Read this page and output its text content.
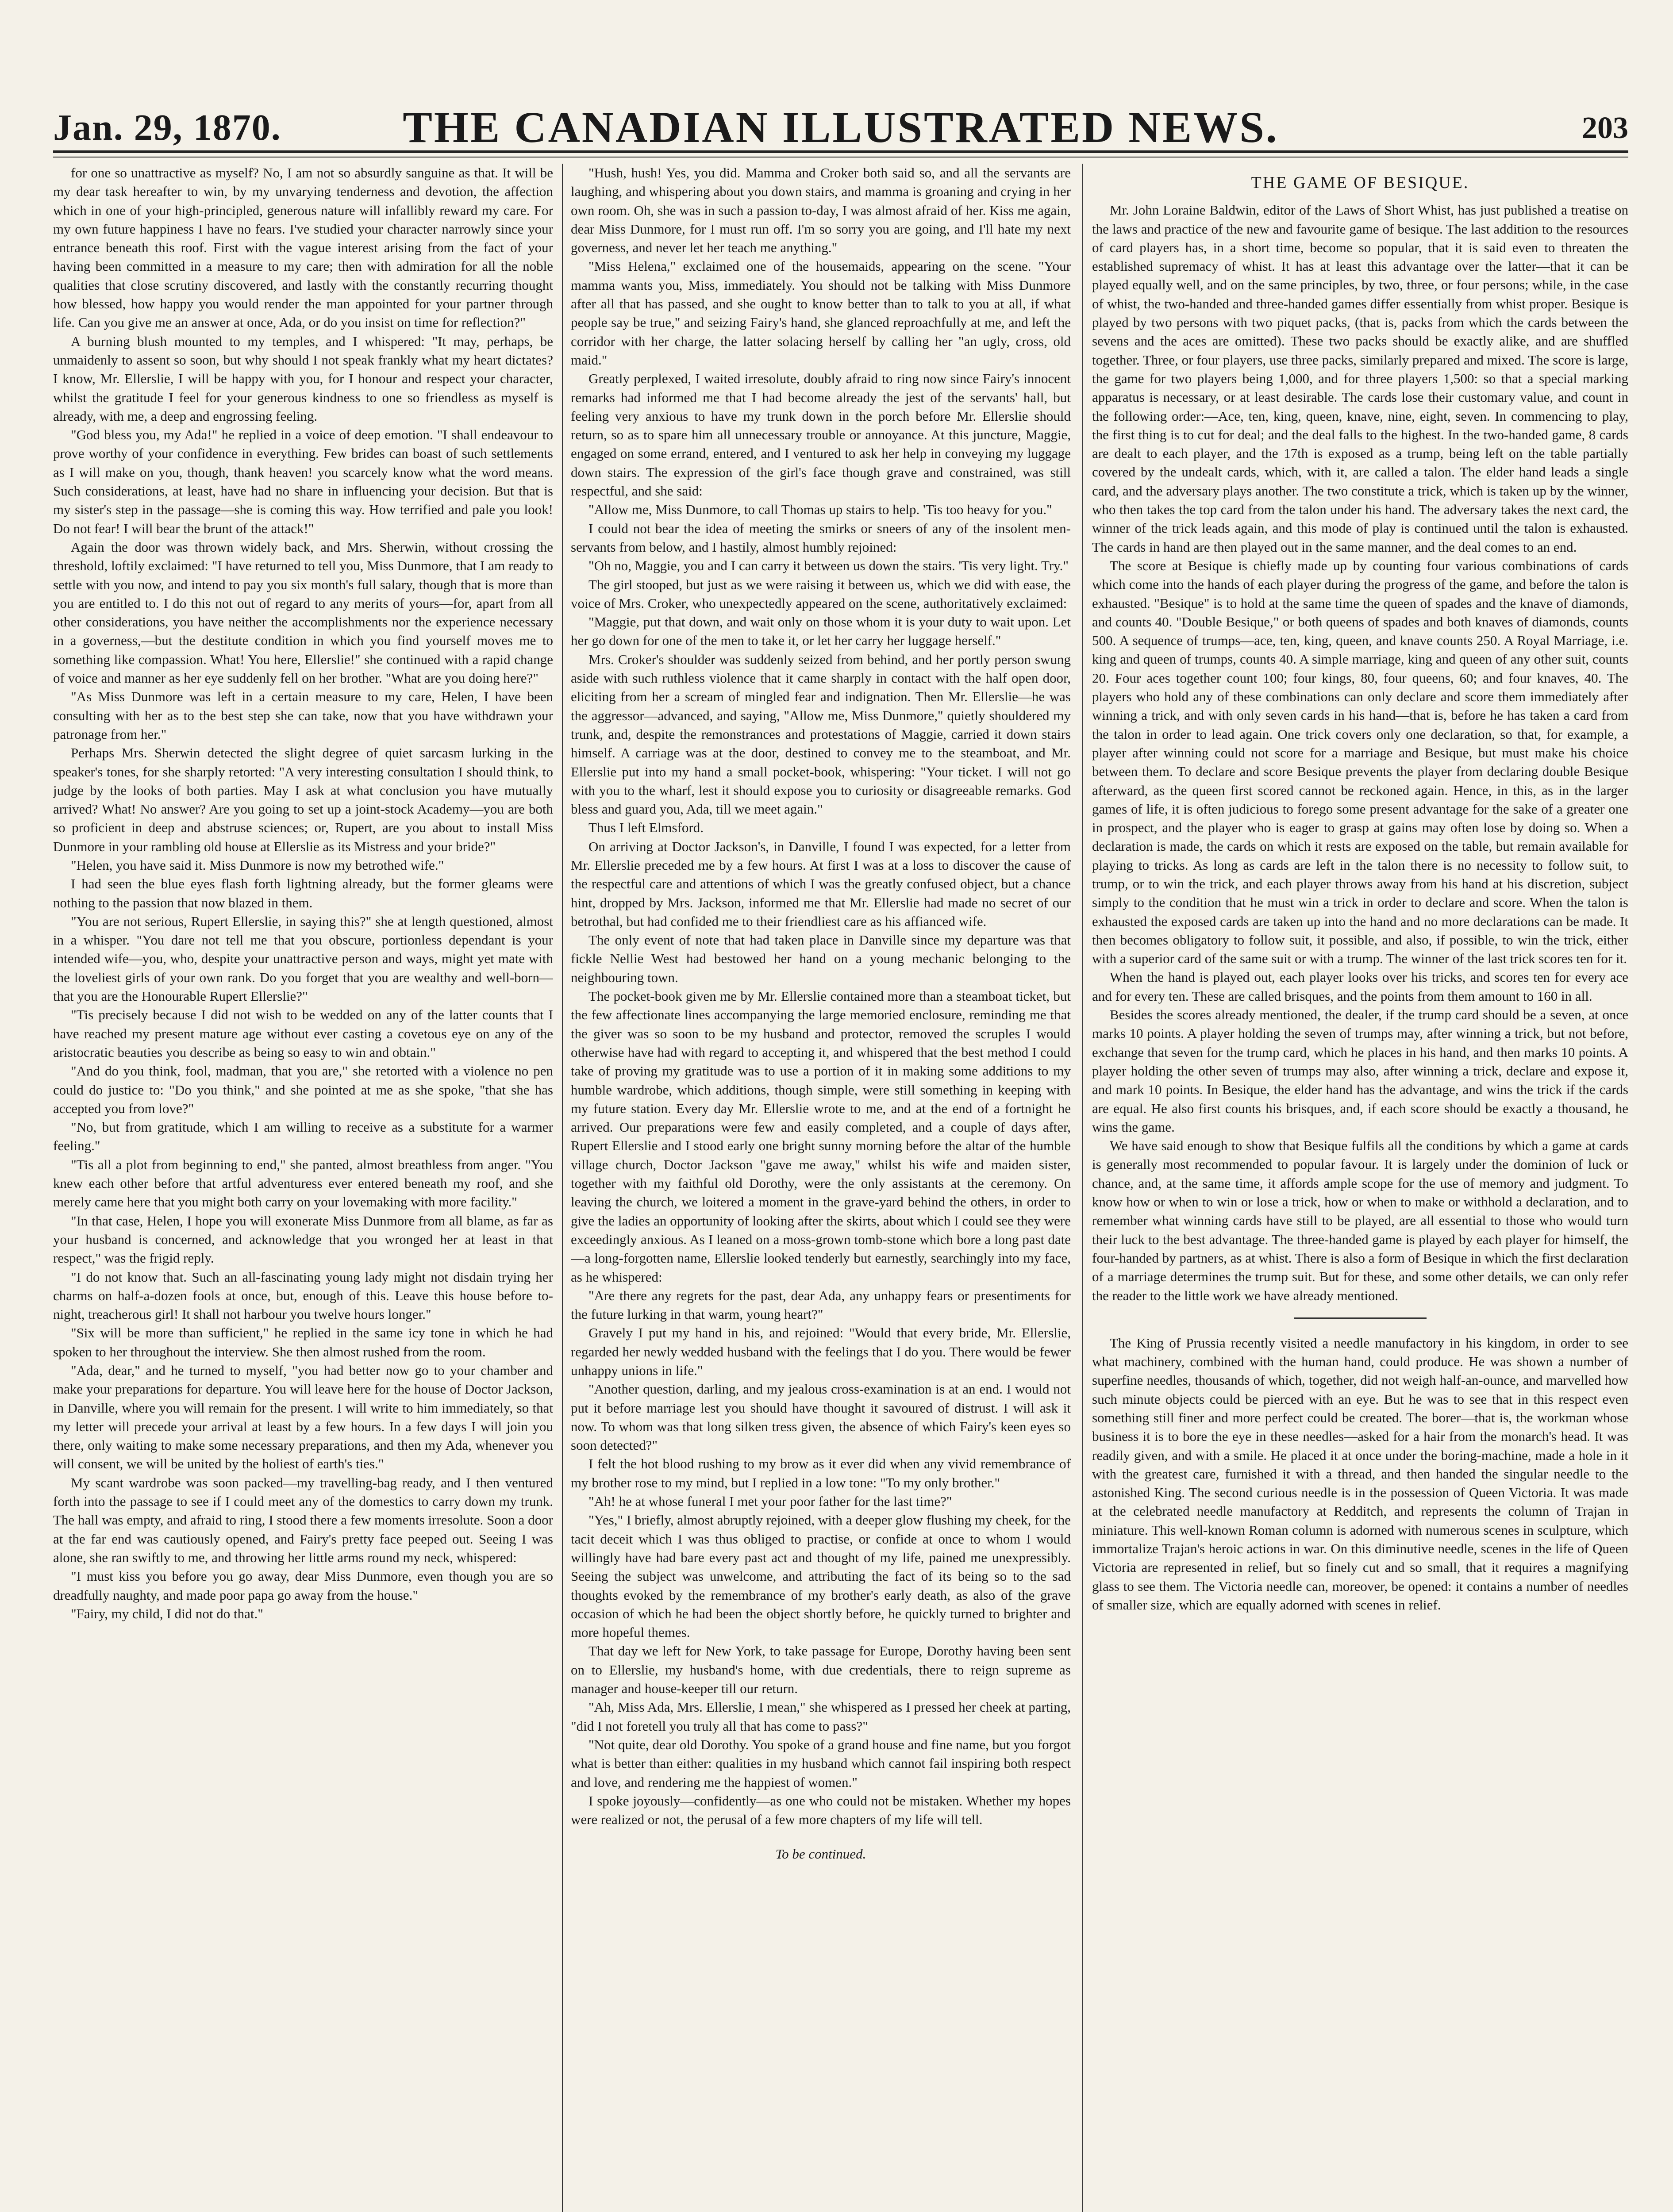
Jan. 29, 1870.	THE CANADIAN ILLUSTRATED NEWS.	203

for one so unattractive as myself? No, I am not so absurdly sanguine as that. It will be my dear task hereafter to win, by my unvarying tenderness and devotion, the affection which in one of your high-principled, generous nature will infallibly reward my care. For my own future happiness I have no fears. I've studied your character narrowly since your entrance beneath this roof. First with the vague interest arising from the fact of your having been committed in a measure to my care; then with admiration for all the noble qualities that close scrutiny discovered, and lastly with the constantly recurring thought how blessed, how happy you would render the man appointed for your partner through life. Can you give me an answer at once, Ada, or do you insist on time for reflection?"

A burning blush mounted to my temples, and I whispered: "It may, perhaps, be unmaidenly to assent so soon, but why should I not speak frankly what my heart dictates? I know, Mr. Ellerslie, I will be happy with you, for I honour and respect your character, whilst the gratitude I feel for your generous kindness to one so friendless as myself is already, with me, a deep and engrossing feeling.

"God bless you, my Ada!" he replied in a voice of deep emotion. "I shall endeavour to prove worthy of your confidence in everything. Few brides can boast of such settlements as I will make on you, though, thank heaven! you scarcely know what the word means. Such considerations, at least, have had no share in influencing your decision. But that is my sister's step in the passage—she is coming this way. How terrified and pale you look! Do not fear! I will bear the brunt of the attack!"

Again the door was thrown widely back, and Mrs. Sherwin, without crossing the threshold, loftily exclaimed: "I have returned to tell you, Miss Dunmore, that I am ready to settle with you now, and intend to pay you six month's full salary, though that is more than you are entitled to. I do this not out of regard to any merits of yours—for, apart from all other considerations, you have neither the accomplishments nor the experience necessary in a governess,—but the destitute condition in which you find yourself moves me to something like compassion. What! You here, Ellerslie!" she continued with a rapid change of voice and manner as her eye suddenly fell on her brother. "What are you doing here?"

"As Miss Dunmore was left in a certain measure to my care, Helen, I have been consulting with her as to the best step she can take, now that you have withdrawn your patronage from her."

Perhaps Mrs. Sherwin detected the slight degree of quiet sarcasm lurking in the speaker's tones, for she sharply retorted: "A very interesting consultation I should think, to judge by the looks of both parties. May I ask at what conclusion you have mutually arrived? What! No answer? Are you going to set up a joint-stock Academy—you are both so proficient in deep and abstruse sciences; or, Rupert, are you about to install Miss Dunmore in your rambling old house at Ellerslie as its Mistress and your bride?"

"Helen, you have said it. Miss Dunmore is now my betrothed wife."

I had seen the blue eyes flash forth lightning already, but the former gleams were nothing to the passion that now blazed in them.

"You are not serious, Rupert Ellerslie, in saying this?" she at length questioned, almost in a whisper. "You dare not tell me that you obscure, portionless dependant is your intended wife—you, who, despite your unattractive person and ways, might yet mate with the loveliest girls of your own rank. Do you forget that you are wealthy and well-born—that you are the Honourable Rupert Ellerslie?"

"Tis precisely because I did not wish to be wedded on any of the latter counts that I have reached my present mature age without ever casting a covetous eye on any of the aristocratic beauties you describe as being so easy to win and obtain."

"And do you think, fool, madman, that you are," she retorted with a violence no pen could do justice to: "Do you think," and she pointed at me as she spoke, "that she has accepted you from love?"

"No, but from gratitude, which I am willing to receive as a substitute for a warmer feeling."

"Tis all a plot from beginning to end," she panted, almost breathless from anger. "You knew each other before that artful adventuress ever entered beneath my roof, and she merely came here that you might both carry on your lovemaking with more facility."

"In that case, Helen, I hope you will exonerate Miss Dunmore from all blame, as far as your husband is concerned, and acknowledge that you wronged her at least in that respect," was the frigid reply.

"I do not know that. Such an all-fascinating young lady might not disdain trying her charms on half-a-dozen fools at once, but, enough of this. Leave this house before to-night, treacherous girl! It shall not harbour you twelve hours longer."

"Six will be more than sufficient," he replied in the same icy tone in which he had spoken to her throughout the interview. She then almost rushed from the room.

"Ada, dear," and he turned to myself, "you had better now go to your chamber and make your preparations for departure. You will leave here for the house of Doctor Jackson, in Danville, where you will remain for the present. I will write to him immediately, so that my letter will precede your arrival at least by a few hours. In a few days I will join you there, only waiting to make some necessary preparations, and then my Ada, whenever you will consent, we will be united by the holiest of earth's ties."

My scant wardrobe was soon packed—my travelling-bag ready, and I then ventured forth into the passage to see if I could meet any of the domestics to carry down my trunk. The hall was empty, and afraid to ring, I stood there a few moments irresolute. Soon a door at the far end was cautiously opened, and Fairy's pretty face peeped out. Seeing I was alone, she ran swiftly to me, and throwing her little arms round my neck, whispered:

"I must kiss you before you go away, dear Miss Dunmore, even though you are so dreadfully naughty, and made poor papa go away from the house."

"Fairy, my child, I did not do that."

"Hush, hush! Yes, you did. Mamma and Croker both said so, and all the servants are laughing, and whispering about you down stairs, and mamma is groaning and crying in her own room. Oh, she was in such a passion to-day, I was almost afraid of her. Kiss me again, dear Miss Dunmore, for I must run off. I'm so sorry you are going, and I'll hate my next governess, and never let her teach me anything."

"Miss Helena," exclaimed one of the housemaids, appearing on the scene. "Your mamma wants you, Miss, immediately. You should not be talking with Miss Dunmore after all that has passed, and she ought to know better than to talk to you at all, if what people say be true," and seizing Fairy's hand, she glanced reproachfully at me, and left the corridor with her charge, the latter solacing herself by calling her "an ugly, cross, old maid."

Greatly perplexed, I waited irresolute, doubly afraid to ring now since Fairy's innocent remarks had informed me that I had become already the jest of the servants' hall, but feeling very anxious to have my trunk down in the porch before Mr. Ellerslie should return, so as to spare him all unnecessary trouble or annoyance. At this juncture, Maggie, engaged on some errand, entered, and I ventured to ask her help in conveying my luggage down stairs. The expression of the girl's face though grave and constrained, was still respectful, and she said:

"Allow me, Miss Dunmore, to call Thomas up stairs to help. 'Tis too heavy for you."

I could not bear the idea of meeting the smirks or sneers of any of the insolent men-servants from below, and I hastily, almost humbly rejoined:

"Oh no, Maggie, you and I can carry it between us down the stairs. 'Tis very light. Try."

The girl stooped, but just as we were raising it between us, which we did with ease, the voice of Mrs. Croker, who unexpectedly appeared on the scene, authoritatively exclaimed:

"Maggie, put that down, and wait only on those whom it is your duty to wait upon. Let her go down for one of the men to take it, or let her carry her luggage herself."

Mrs. Croker's shoulder was suddenly seized from behind, and her portly person swung aside with such ruthless violence that it came sharply in contact with the half open door, eliciting from her a scream of mingled fear and indignation. Then Mr. Ellerslie—he was the aggressor—advanced, and saying, "Allow me, Miss Dunmore," quietly shouldered my trunk, and, despite the remonstrances and protestations of Maggie, carried it down stairs himself. A carriage was at the door, destined to convey me to the steamboat, and Mr. Ellerslie put into my hand a small pocket-book, whispering: "Your ticket. I will not go with you to the wharf, lest it should expose you to curiosity or disagreeable remarks. God bless and guard you, Ada, till we meet again."

Thus I left Elmsford.

On arriving at Doctor Jackson's, in Danville, I found I was expected, for a letter from Mr. Ellerslie preceded me by a few hours. At first I was at a loss to discover the cause of the respectful care and attentions of which I was the greatly confused object, but a chance hint, dropped by Mrs. Jackson, informed me that Mr. Ellerslie had made no secret of our betrothal, but had confided me to their friendliest care as his affianced wife.

The only event of note that had taken place in Danville since my departure was that fickle Nellie West had bestowed her hand on a young mechanic belonging to the neighbouring town.

The pocket-book given me by Mr. Ellerslie contained more than a steamboat ticket, but the few affectionate lines accompanying the large memoried enclosure, reminding me that the giver was so soon to be my husband and protector, removed the scruples I would otherwise have had with regard to accepting it, and whispered that the best method I could take of proving my gratitude was to use a portion of it in making some additions to my humble wardrobe, which additions, though simple, were still something in keeping with my future station. Every day Mr. Ellerslie wrote to me, and at the end of a fortnight he arrived. Our preparations were few and easily completed, and a couple of days after, Rupert Ellerslie and I stood early one bright sunny morning before the altar of the humble village church, Doctor Jackson "gave me away," whilst his wife and maiden sister, together with my faithful old Dorothy, were the only assistants at the ceremony. On leaving the church, we loitered a moment in the grave-yard behind the others, in order to give the ladies an opportunity of looking after the skirts, about which I could see they were exceedingly anxious. As I leaned on a moss-grown tomb-stone which bore a long past date—a long-forgotten name, Ellerslie looked tenderly but earnestly, searchingly into my face, as he whispered:

"Are there any regrets for the past, dear Ada, any unhappy fears or presentiments for the future lurking in that warm, young heart?"

Gravely I put my hand in his, and rejoined: "Would that every bride, Mr. Ellerslie, regarded her newly wedded husband with the feelings that I do you. There would be fewer unhappy unions in life."

"Another question, darling, and my jealous cross-examination is at an end. I would not put it before marriage lest you should have thought it savoured of distrust. I will ask it now. To whom was that long silken tress given, the absence of which Fairy's keen eyes so soon detected?"

I felt the hot blood rushing to my brow as it ever did when any vivid remembrance of my brother rose to my mind, but I replied in a low tone: "To my only brother."

"Ah! he at whose funeral I met your poor father for the last time?"

"Yes," I briefly, almost abruptly rejoined, with a deeper glow flushing my cheek, for the tacit deceit which I was thus obliged to practise, or confide at once to whom I would willingly have had bare every past act and thought of my life, pained me unexpressibly. Seeing the subject was unwelcome, and attributing the fact of its being so to the sad thoughts evoked by the remembrance of my brother's early death, as also of the grave occasion of which he had been the object shortly before, he quickly turned to brighter and more hopeful themes.

That day we left for New York, to take passage for Europe, Dorothy having been sent on to Ellerslie, my husband's home, with due credentials, there to reign supreme as manager and house-keeper till our return.

"Ah, Miss Ada, Mrs. Ellerslie, I mean," she whispered as I pressed her cheek at parting, "did I not foretell you truly all that has come to pass?"

"Not quite, dear old Dorothy. You spoke of a grand house and fine name, but you forgot what is better than either: qualities in my husband which cannot fail inspiring both respect and love, and rendering me the happiest of women."

I spoke joyously—confidently—as one who could not be mistaken. Whether my hopes were realized or not, the perusal of a few more chapters of my life will tell.

To be continued.
THE GAME OF BESIQUE.

Mr. John Loraine Baldwin, editor of the Laws of Short Whist, has just published a treatise on the laws and practice of the new and favourite game of besique. The last addition to the resources of card players has, in a short time, become so popular, that it is said even to threaten the established supremacy of whist. It has at least this advantage over the latter—that it can be played equally well, and on the same principles, by two, three, or four persons; while, in the case of whist, the two-handed and three-handed games differ essentially from whist proper. Besique is played by two persons with two piquet packs, (that is, packs from which the cards between the sevens and the aces are omitted). These two packs should be exactly alike, and are shuffled together. Three, or four players, use three packs, similarly prepared and mixed. The score is large, the game for two players being 1,000, and for three players 1,500: so that a special marking apparatus is necessary, or at least desirable. The cards lose their customary value, and count in the following order:—Ace, ten, king, queen, knave, nine, eight, seven. In commencing to play, the first thing is to cut for deal; and the deal falls to the highest. In the two-handed game, 8 cards are dealt to each player, and the 17th is exposed as a trump, being left on the table partially covered by the undealt cards, which, with it, are called a talon. The elder hand leads a single card, and the adversary plays another. The two constitute a trick, which is taken up by the winner, who then takes the top card from the talon under his hand. The adversary takes the next card, the winner of the trick leads again, and this mode of play is continued until the talon is exhausted. The cards in hand are then played out in the same manner, and the deal comes to an end.

The score at Besique is chiefly made up by counting four various combinations of cards which come into the hands of each player during the progress of the game, and before the talon is exhausted. "Besique" is to hold at the same time the queen of spades and the knave of diamonds, and counts 40. "Double Besique," or both queens of spades and both knaves of diamonds, counts 500. A sequence of trumps—ace, ten, king, queen, and knave counts 250. A Royal Marriage, i.e. king and queen of trumps, counts 40. A simple marriage, king and queen of any other suit, counts 20. Four aces together count 100; four kings, 80, four queens, 60; and four knaves, 40. The players who hold any of these combinations can only declare and score them immediately after winning a trick, and with only seven cards in his hand—that is, before he has taken a card from the talon in order to lead again. One trick covers only one declaration, so that, for example, a player after winning could not score for a marriage and Besique, but must make his choice between them. To declare and score Besique prevents the player from declaring double Besique afterward, as the queen first scored cannot be reckoned again. Hence, in this, as in the larger games of life, it is often judicious to forego some present advantage for the sake of a greater one in prospect, and the player who is eager to grasp at gains may often lose by doing so. When a declaration is made, the cards on which it rests are exposed on the table, but remain available for playing to tricks. As long as cards are left in the talon there is no necessity to follow suit, to trump, or to win the trick, and each player throws away from his hand at his discretion, subject simply to the condition that he must win a trick in order to declare and score. When the talon is exhausted the exposed cards are taken up into the hand and no more declarations can be made. It then becomes obligatory to follow suit, it possible, and also, if possible, to win the trick, either with a superior card of the same suit or with a trump. The winner of the last trick scores ten for it.

When the hand is played out, each player looks over his tricks, and scores ten for every ace and for every ten. These are called brisques, and the points from them amount to 160 in all.

Besides the scores already mentioned, the dealer, if the trump card should be a seven, at once marks 10 points. A player holding the seven of trumps may, after winning a trick, but not before, exchange that seven for the trump card, which he places in his hand, and then marks 10 points. A player holding the other seven of trumps may also, after winning a trick, declare and expose it, and mark 10 points. In Besique, the elder hand has the advantage, and wins the trick if the cards are equal. He also first counts his brisques, and, if each score should be exactly a thousand, he wins the game.

We have said enough to show that Besique fulfils all the conditions by which a game at cards is generally most recommended to popular favour. It is largely under the dominion of luck or chance, and, at the same time, it affords ample scope for the use of memory and judgment. To know how or when to win or lose a trick, how or when to make or withhold a declaration, and to remember what winning cards have still to be played, are all essential to those who would turn their luck to the best advantage. The three-handed game is played by each player for himself, the four-handed by partners, as at whist. There is also a form of Besique in which the first declaration of a marriage determines the trump suit. But for these, and some other details, we can only refer the reader to the little work we have already mentioned.

The King of Prussia recently visited a needle manufactory in his kingdom, in order to see what machinery, combined with the human hand, could produce. He was shown a number of superfine needles, thousands of which, together, did not weigh half-an-ounce, and marvelled how such minute objects could be pierced with an eye. But he was to see that in this respect even something still finer and more perfect could be created. The borer—that is, the workman whose business it is to bore the eye in these needles—asked for a hair from the monarch's head. It was readily given, and with a smile. He placed it at once under the boring-machine, made a hole in it with the greatest care, furnished it with a thread, and then handed the singular needle to the astonished King. The second curious needle is in the possession of Queen Victoria. It was made at the celebrated needle manufactory at Redditch, and represents the column of Trajan in miniature. This well-known Roman column is adorned with numerous scenes in sculpture, which immortalize Trajan's heroic actions in war. On this diminutive needle, scenes in the life of Queen Victoria are represented in relief, but so finely cut and so small, that it requires a magnifying glass to see them. The Victoria needle can, moreover, be opened: it contains a number of needles of smaller size, which are equally adorned with scenes in relief.
